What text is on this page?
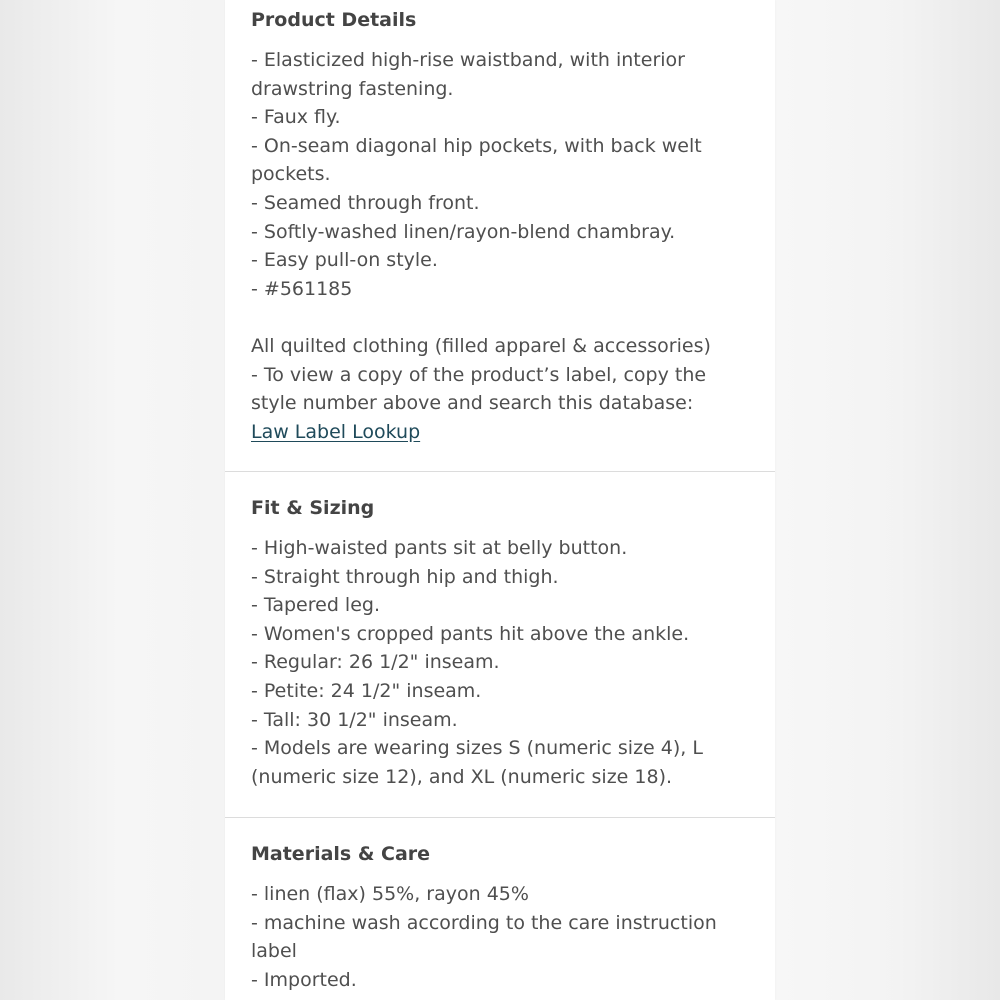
Product Details
- Elasticized high-rise waistband, with interior
drawstring fastening.
- Faux fly.
- On-seam diagonal hip pockets, with back welt
pockets.
- Seamed through front.
- Softly-washed linen/rayon-blend chambray.
- Easy pull-on style.
- #561185
All quilted clothing (filled apparel & accessories)
- To view a copy of the product’s label, copy the
style number above and search this database:
Law Label Lookup
Fit & Sizing
- High-waisted pants sit at belly button.
- Straight through hip and thigh.
- Tapered leg.
- Women's cropped pants hit above the ankle.
- Regular: 26 1/2" inseam.
- Petite: 24 1/2" inseam.
- Tall: 30 1/2" inseam.
- Models are wearing sizes S (numeric size 4), L
(numeric size 12), and XL (numeric size 18).
Materials & Care
- linen (flax) 55%, rayon 45%
- machine wash according to the care instruction
label
- Imported.
